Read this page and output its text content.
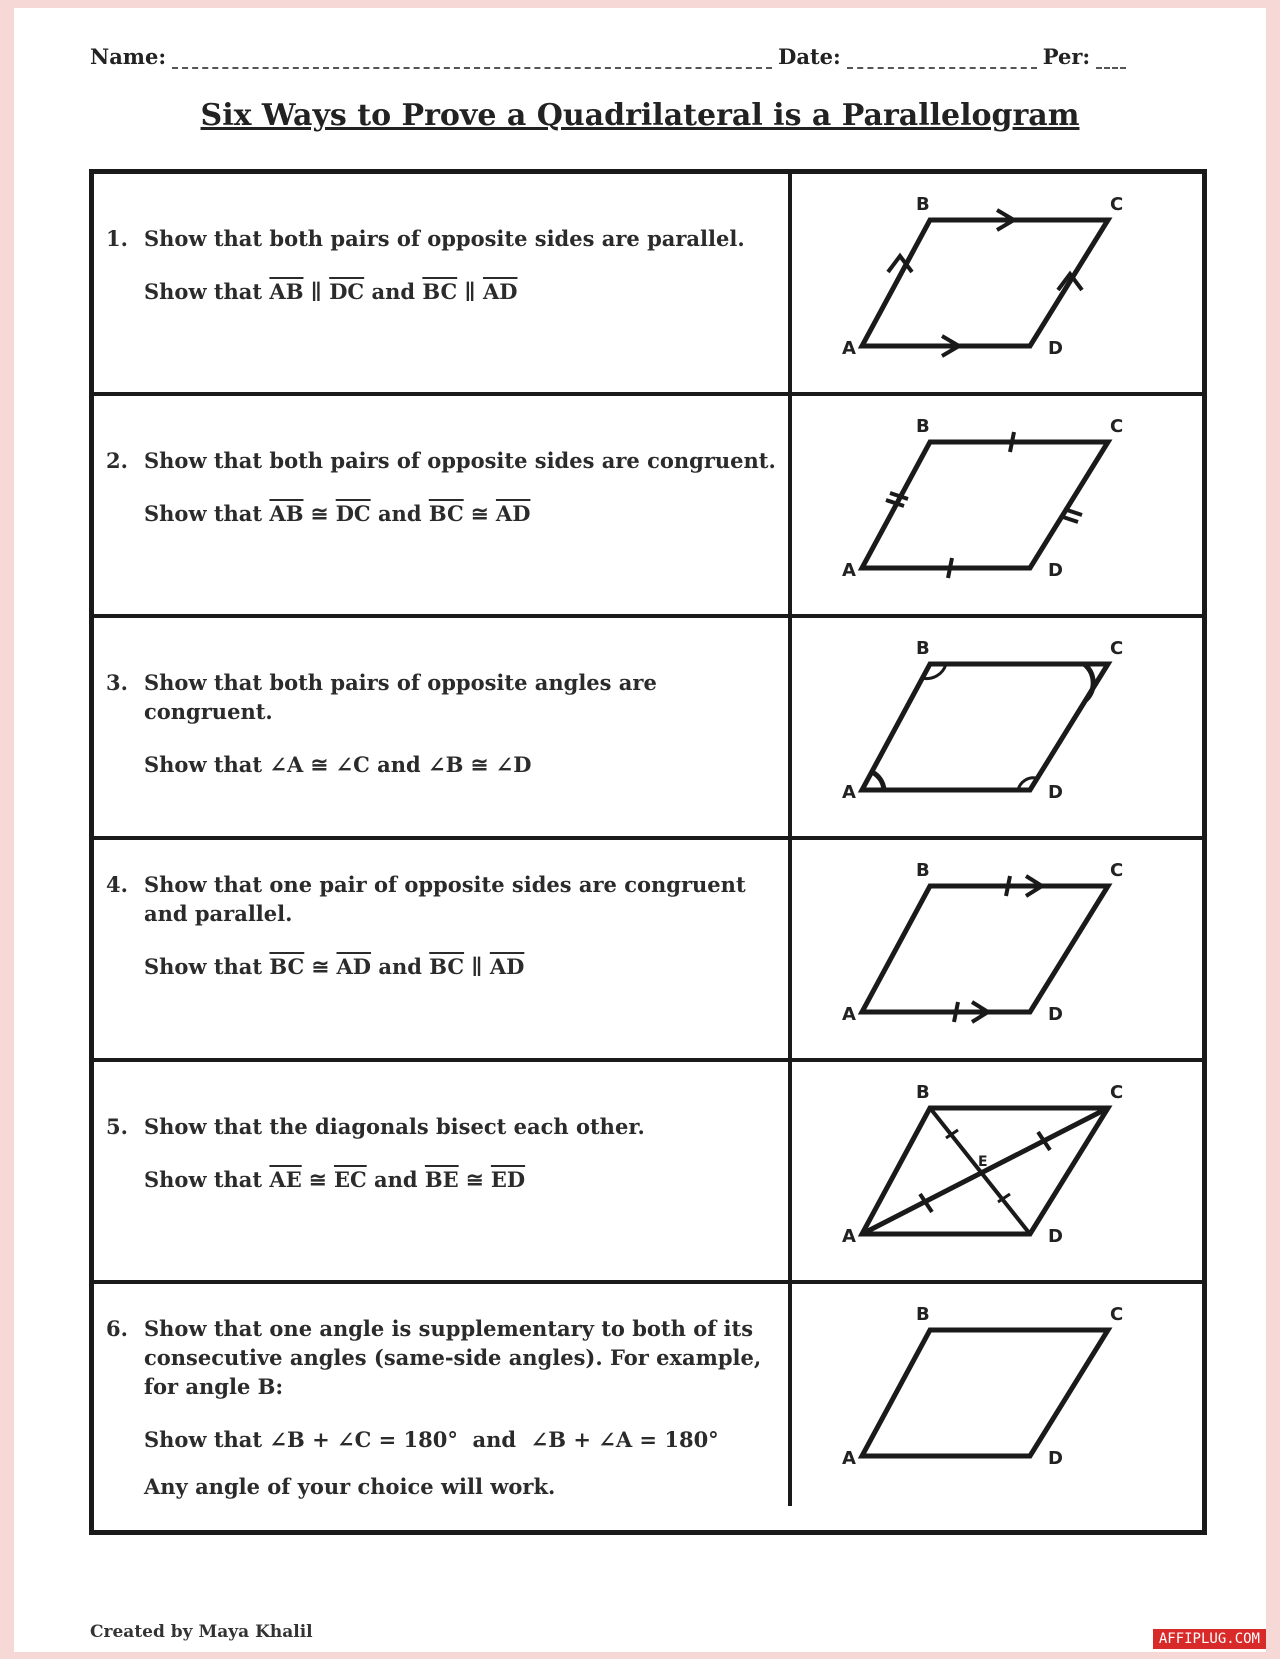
Name:	Date:	Per:
Six Ways to Prove a Quadrilateral is a Parallelogram
1. Show that both pairs of opposite sides are parallel.
Show that $\overline{AB}$ ∥ $\overline{DC}$ and $\overline{BC}$ ∥ $\overline{AD}$
A
B	C
D
2. Show that both pairs of opposite sides are congruent.
Show that $\overline{AB}$ ≅ $\overline{DC}$ and $\overline{BC}$ ≅ $\overline{AD}$
A
B	C
D
3. Show that both pairs of opposite angles are congruent.
Show that ∠A ≅ ∠C and ∠B ≅ ∠D
A
B	C
D
4. Show that one pair of opposite sides are congruent and parallel.
Show that $\overline{BC}$ ≅ $\overline{AD}$ and $\overline{BC}$ ∥ $\overline{AD}$
A
B	C
D
5. Show that the diagonals bisect each other.
Show that $\overline{AE}$ ≅ $\overline{EC}$ and $\overline{BE}$ ≅ $\overline{ED}$
E
A
B	C
D
6. Show that one angle is supplementary to both of its consecutive angles (same-side angles). For example, for angle B:
Show that ∠B + ∠C = 180° and ∠B + ∠A = 180°
Any angle of your choice will work.
A
B	C
D
Created by Maya Khalil	AFFIPLUG.COM
